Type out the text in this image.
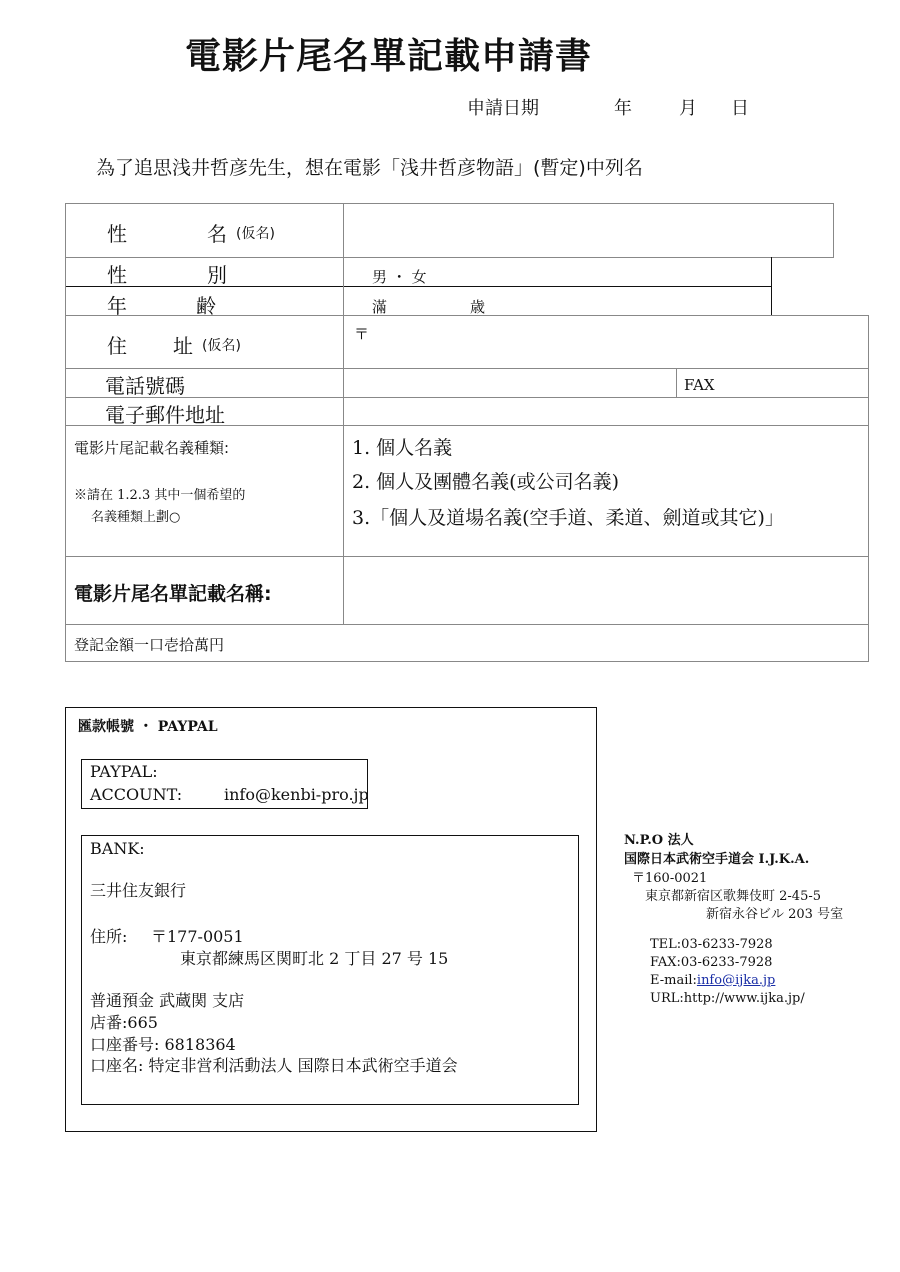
電影片尾名單記載申請書
申請日期	年	月 日
為了追思浅井哲彦先生，想在電影「浅井哲彦物語」(暫定)中列名
性	名 (仮名)
性	別	男 ・ 女
年	齢	滿	歳
住 址 (仮名)
〒
電話號碼	FAX
電子郵件地址
電影片尾記載名義種類:
※請在 1.2.3 其中一個希望的
名義種類上劃○
1. 個人名義
2. 個人及團體名義(或公司名義)
3.「個人及道場名義(空手道、柔道、劍道或其它)」
電影片尾名單記載名稱:
登記金額一口壱拾萬円
匯款帳號 ・ PAYPAL
PAYPAL:
ACCOUNT:	info@kenbi-pro.jp
BANK:
三井住友銀行
住所: 〒177-0051
東京都練馬区関町北 2 丁目 27 号 15
普通預金 武蔵関 支店
店番:665
口座番号: 6818364
口座名: 特定非営利活動法人 国際日本武術空手道会
N.P.O 法人
国際日本武術空手道会 I.J.K.A.
〒160-0021
東京都新宿区歌舞伎町 2-45-5
新宿永谷ビル 203 号室
TEL:03-6233-7928
FAX:03-6233-7928
E-mail:info@ijka.jp
URL:http://www.ijka.jp/
